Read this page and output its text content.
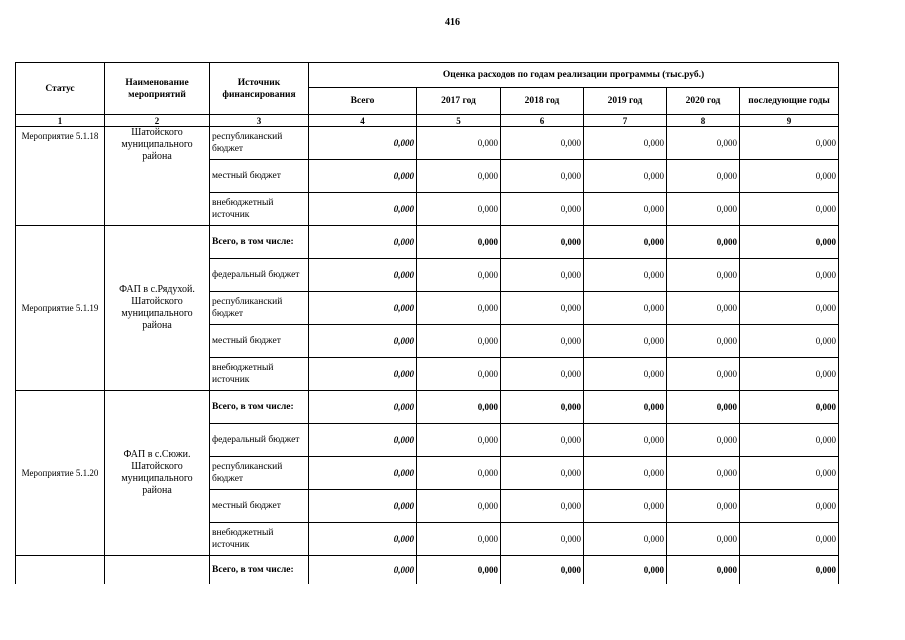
416
Статус	Наименование мероприятий	Источник финансирования	Оценка расходов по годам реализации программы (тыс.руб.)					
			Всего	2017 год	2018 год	2019 год	2020 год	последующие годы
1	2	3	4	5	6	7	8	9
Мероприятие 5.1.18	Шатойского муниципального района	республиканский бюджет	0,000	0,000	0,000	0,000	0,000	0,000
		местный бюджет	0,000	0,000	0,000	0,000	0,000	0,000
		внебюджетный источник	0,000	0,000	0,000	0,000	0,000	0,000
Мероприятие 5.1.19	ФАП в с.Рядухой. Шатойского муниципального района	Всего, в том числе:	0,000	0,000	0,000	0,000	0,000	0,000
		федеральный бюджет	0,000	0,000	0,000	0,000	0,000	0,000
		республиканский бюджет	0,000	0,000	0,000	0,000	0,000	0,000
		местный бюджет	0,000	0,000	0,000	0,000	0,000	0,000
		внебюджетный источник	0,000	0,000	0,000	0,000	0,000	0,000
Мероприятие 5.1.20	ФАП в с.Сюжи. Шатойского муниципального района	Всего, в том числе:	0,000	0,000	0,000	0,000	0,000	0,000
		федеральный бюджет	0,000	0,000	0,000	0,000	0,000	0,000
		республиканский бюджет	0,000	0,000	0,000	0,000	0,000	0,000
		местный бюджет	0,000	0,000	0,000	0,000	0,000	0,000
		внебюджетный источник	0,000	0,000	0,000	0,000	0,000	0,000
		Всего, в том числе:	0,000	0,000	0,000	0,000	0,000	0,000
